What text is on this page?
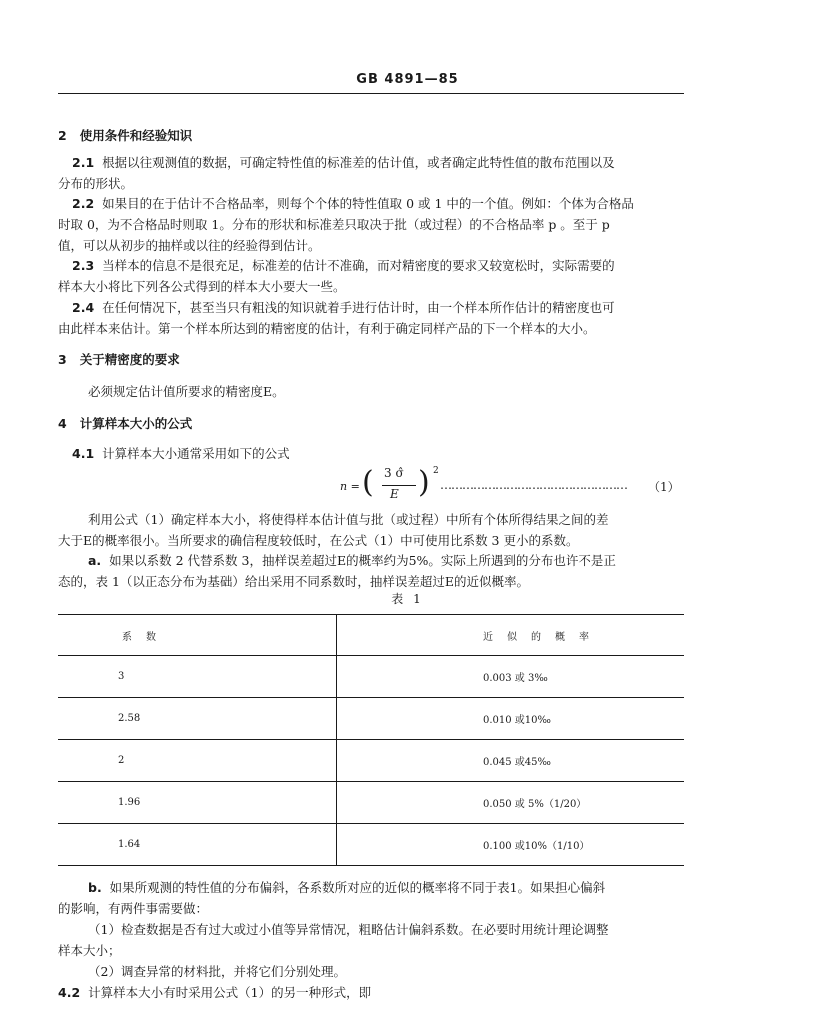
GB 4891—85
2 使用条件和经验知识
2.1 根据以往观测值的数据，可确定特性值的标准差的估计值，或者确定此特性值的散布范围以及
分布的形状。
2.2 如果目的在于估计不合格品率，则每个个体的特性值取 0 或 1 中的一个值。例如：个体为合格品
时取 0，为不合格品时则取 1。分布的形状和标准差只取决于批（或过程）的不合格品率 p 。至于 p
值，可以从初步的抽样或以往的经验得到估计。
2.3 当样本的信息不是很充足，标准差的估计不准确，而对精密度的要求又较宽松时，实际需要的
样本大小将比下列各公式得到的样本大小要大一些。
2.4 在任何情况下，甚至当只有粗浅的知识就着手进行估计时，由一个样本所作估计的精密度也可
由此样本来估计。第一个样本所达到的精密度的估计，有利于确定同样产品的下一个样本的大小。
3 关于精密度的要求
必须规定估计值所要求的精密度E。
4 计算样本大小的公式
4.1 计算样本大小通常采用如下的公式
n = ( 3 σ̂
E ) 2
……………………………………………	（1）
利用公式（1）确定样本大小，将使得样本估计值与批（或过程）中所有个体所得结果之间的差
大于E的概率很小。当所要求的确信程度较低时，在公式（1）中可使用比系数 3 更小的系数。
a. 如果以系数 2 代替系数 3，抽样误差超过E的概率约为5%。实际上所遇到的分布也许不是正
态的，表 1（以正态分布为基础）给出采用不同系数时，抽样误差超过E的近似概率。
表 1
系数	近似的概率
3	0.003 或 3‰
2.58	0.010 或10‰
2	0.045 或45‰
1.96	0.050 或 5%（1/20）
1.64	0.100 或10%（1/10）
b. 如果所观测的特性值的分布偏斜，各系数所对应的近似的概率将不同于表1。如果担心偏斜
的影响，有两件事需要做：
（1）检查数据是否有过大或过小值等异常情况，粗略估计偏斜系数。在必要时用统计理论调整
样本大小；
（2）调查异常的材料批，并将它们分别处理。
4.2 计算样本大小有时采用公式（1）的另一种形式，即
